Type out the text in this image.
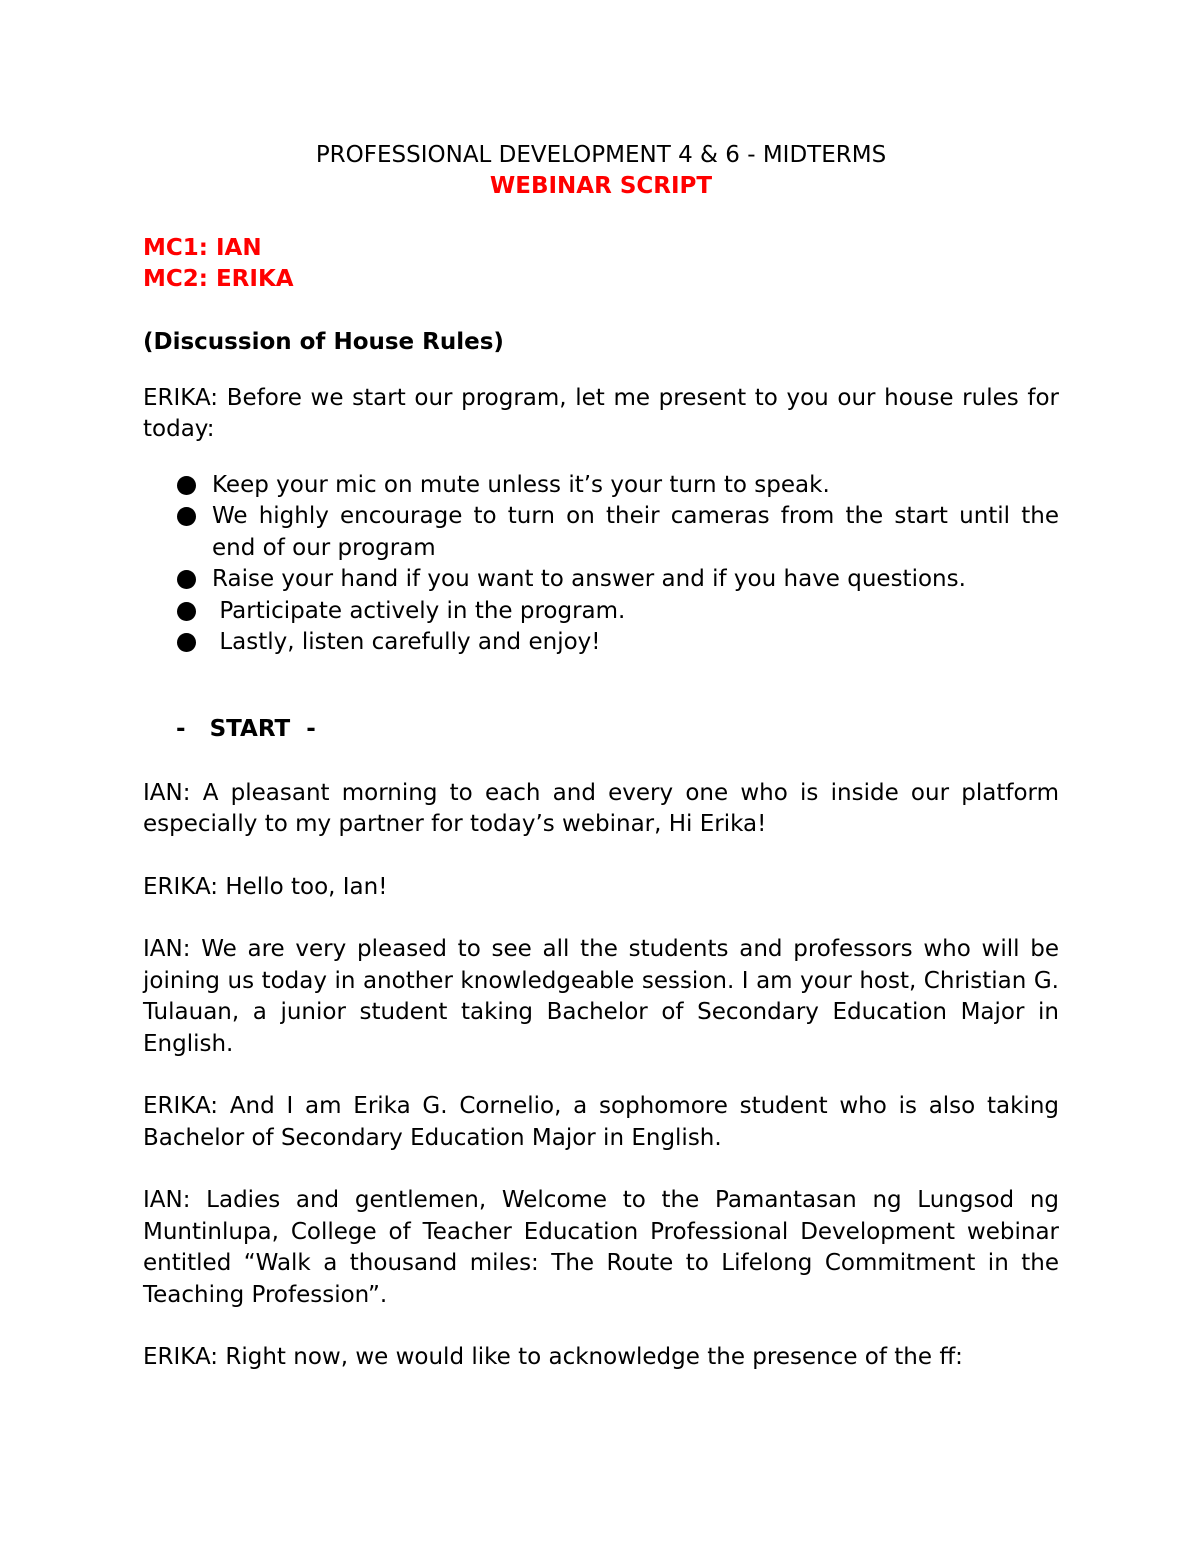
PROFESSIONAL DEVELOPMENT 4 & 6 - MIDTERMS

WEBINAR SCRIPT

MC1: IAN

MC2: ERIKA

(Discussion of House Rules)

ERIKA: Before we start our program, let me present to you our house rules for today:

Keep your mic on mute unless it’s your turn to speak.
We highly encourage to turn on their cameras from the start until the end of our program
Raise your hand if you want to answer and if you have questions.
Participate actively in the program.
Lastly, listen carefully and enjoy!

-   START  -

IAN: A pleasant morning to each and every one who is inside our platform especially to my partner for today’s webinar, Hi Erika!

ERIKA: Hello too, Ian!

IAN: We are very pleased to see all the students and professors who will be joining us today in another knowledgeable session. I am your host, Christian G. Tulauan, a junior student taking Bachelor of Secondary Education Major in English.

ERIKA: And I am Erika G. Cornelio, a sophomore student who is also taking Bachelor of Secondary Education Major in English.

IAN: Ladies and gentlemen, Welcome to the Pamantasan ng Lungsod ng Muntinlupa, College of Teacher Education Professional Development webinar entitled “Walk a thousand miles: The Route to Lifelong Commitment in the Teaching Profession”.

ERIKA: Right now, we would like to acknowledge the presence of the ff:
